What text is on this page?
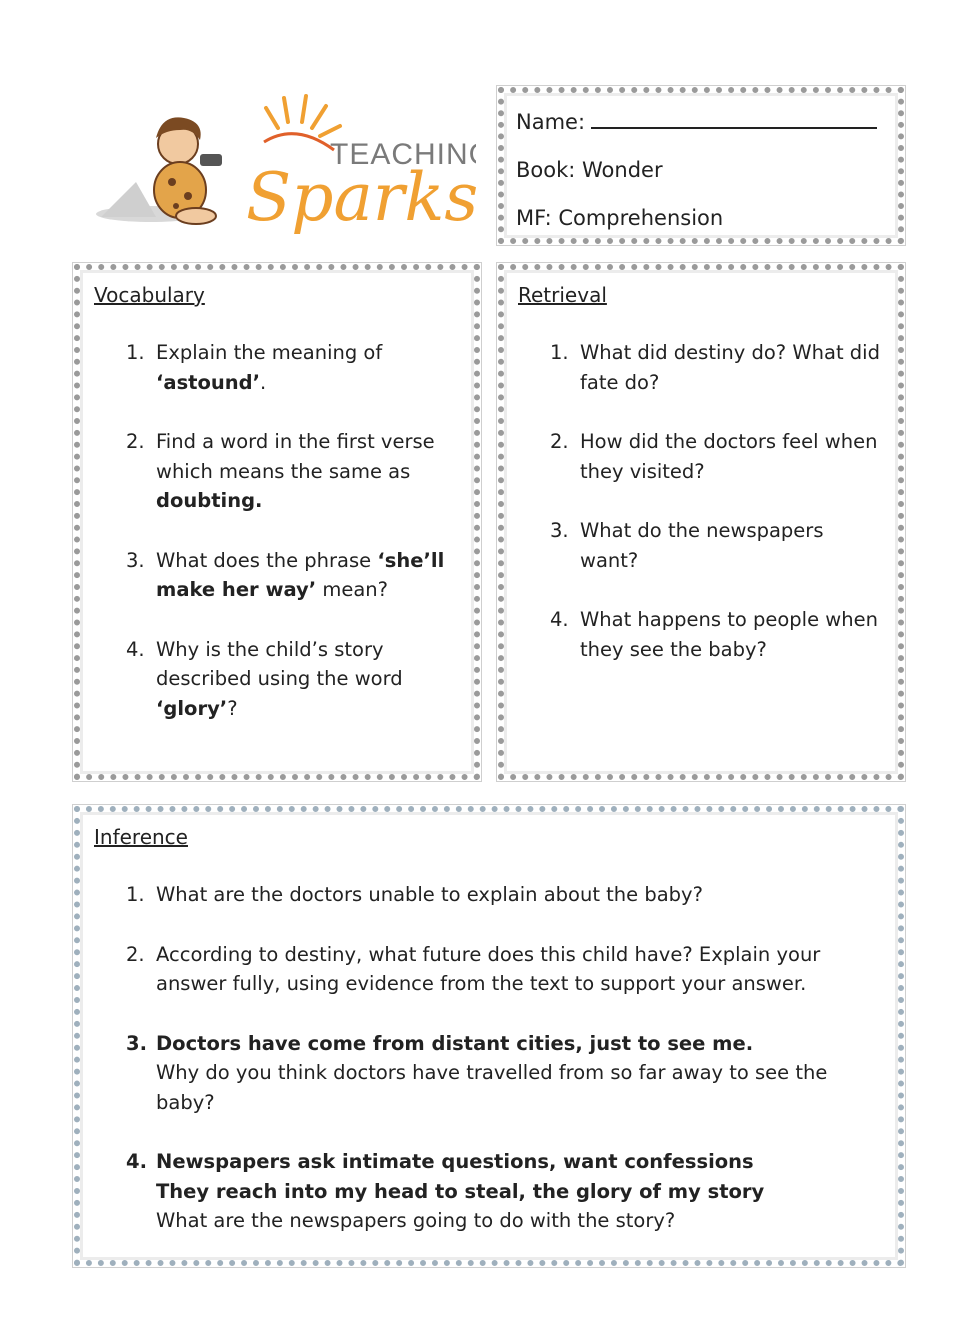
TEACHIN
Sparks
Name:
Book: Wonder
MF: Comprehension

Vocabulary

1. Explain the meaning of ‘astound’.
2. Find a word in the first verse which means the same as doubting.
3. What does the phrase ‘she’ll make her way’ mean?
4. Why is the child’s story described using the word ‘glory’?

Retrieval

1. What did destiny do? What did fate do?
2. How did the doctors feel when they visited?
3. What do the newspapers want?
4. What happens to people when they see the baby?

Inference

1. What are the doctors unable to explain about the baby?
2. According to destiny, what future does this child have? Explain your answer fully, using evidence from the text to support your answer.
3. Doctors have come from distant cities, just to see me.
Why do you think doctors have travelled from so far away to see the baby?
4. Newspapers ask intimate questions, want confessions
They reach into my head to steal, the glory of my story
What are the newspapers going to do with the story?
